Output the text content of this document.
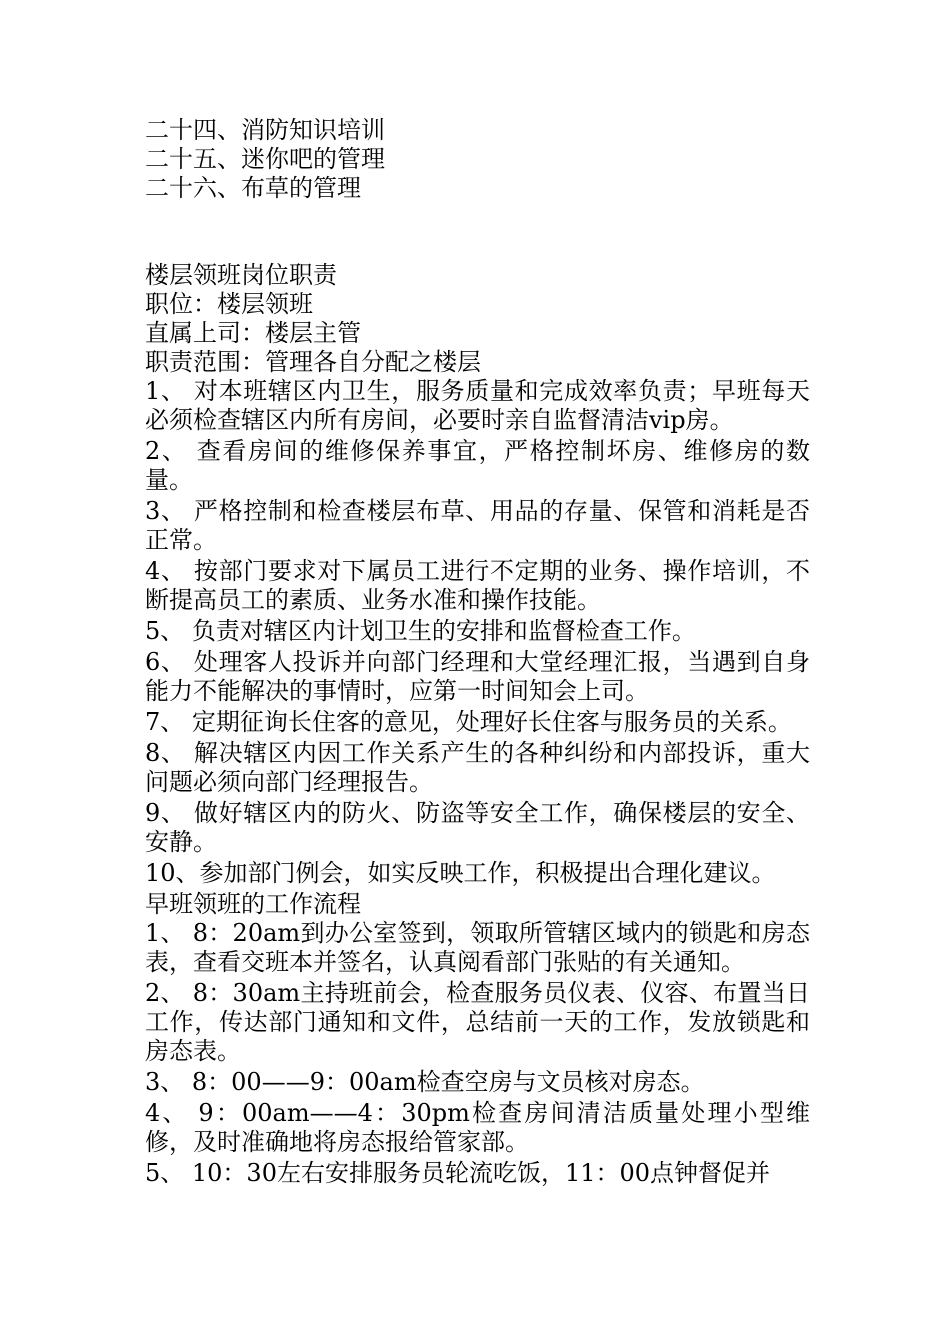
二十四、消防知识培训
二十五、迷你吧的管理
二十六、布草的管理
楼层领班岗位职责
职位：楼层领班
直属上司：楼层主管
职责范围：管理各自分配之楼层
1、 对本班辖区内卫生，服务质量和完成效率负责；早班每天必须检查辖区内所有房间，必要时亲自监督清洁vip房。
2、 查看房间的维修保养事宜，严格控制坏房、维修房的数量。
3、 严格控制和检查楼层布草、用品的存量、保管和消耗是否正常。
4、 按部门要求对下属员工进行不定期的业务、操作培训，不断提高员工的素质、业务水准和操作技能。
5、 负责对辖区内计划卫生的安排和监督检查工作。
6、 处理客人投诉并向部门经理和大堂经理汇报，当遇到自身能力不能解决的事情时，应第一时间知会上司。
7、 定期征询长住客的意见，处理好长住客与服务员的关系。
8、 解决辖区内因工作关系产生的各种纠纷和内部投诉，重大问题必须向部门经理报告。
9、 做好辖区内的防火、防盗等安全工作，确保楼层的安全、安静。
10、参加部门例会，如实反映工作，积极提出合理化建议。
早班领班的工作流程
1、 8：20am到办公室签到，领取所管辖区域内的锁匙和房态表，查看交班本并签名，认真阅看部门张贴的有关通知。
2、 8：30am主持班前会，检查服务员仪表、仪容、布置当日工作，传达部门通知和文件，总结前一天的工作，发放锁匙和房态表。
3、 8：00——9：00am检查空房与文员核对房态。
4、 9：00am——4：30pm检查房间清洁质量处理小型维修，及时准确地将房态报给管家部。
5、 10：30左右安排服务员轮流吃饭，11：00点钟督促并
